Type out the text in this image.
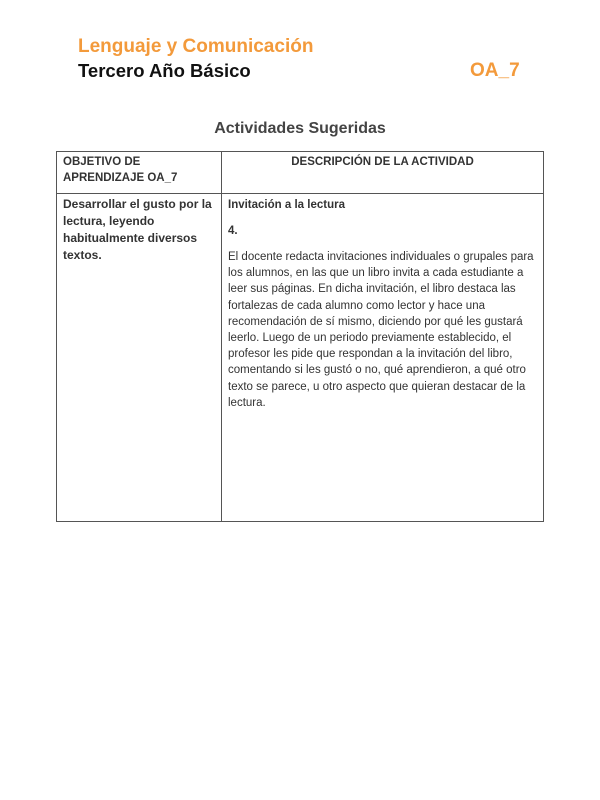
Lenguaje y Comunicación
Tercero Año Básico	OA_7
Actividades Sugeridas
OBJETIVO DE APRENDIZAJE OA_7	DESCRIPCIÓN DE LA ACTIVIDAD

Desarrollar el gusto por la lectura, leyendo habitualmente diversos textos.	Invitación a la lectura
4.
El docente redacta invitaciones individuales o grupales para los alumnos, en las que un libro invita a cada estudiante a leer sus páginas. En dicha invitación, el libro destaca las fortalezas de cada alumno como lector y hace una recomendación de sí mismo, diciendo por qué les gustará leerlo. Luego de un periodo previamente establecido, el profesor les pide que respondan a la invitación del libro, comentando si les gustó o no, qué aprendieron, a qué otro texto se parece, u otro aspecto que quieran destacar de la lectura.
